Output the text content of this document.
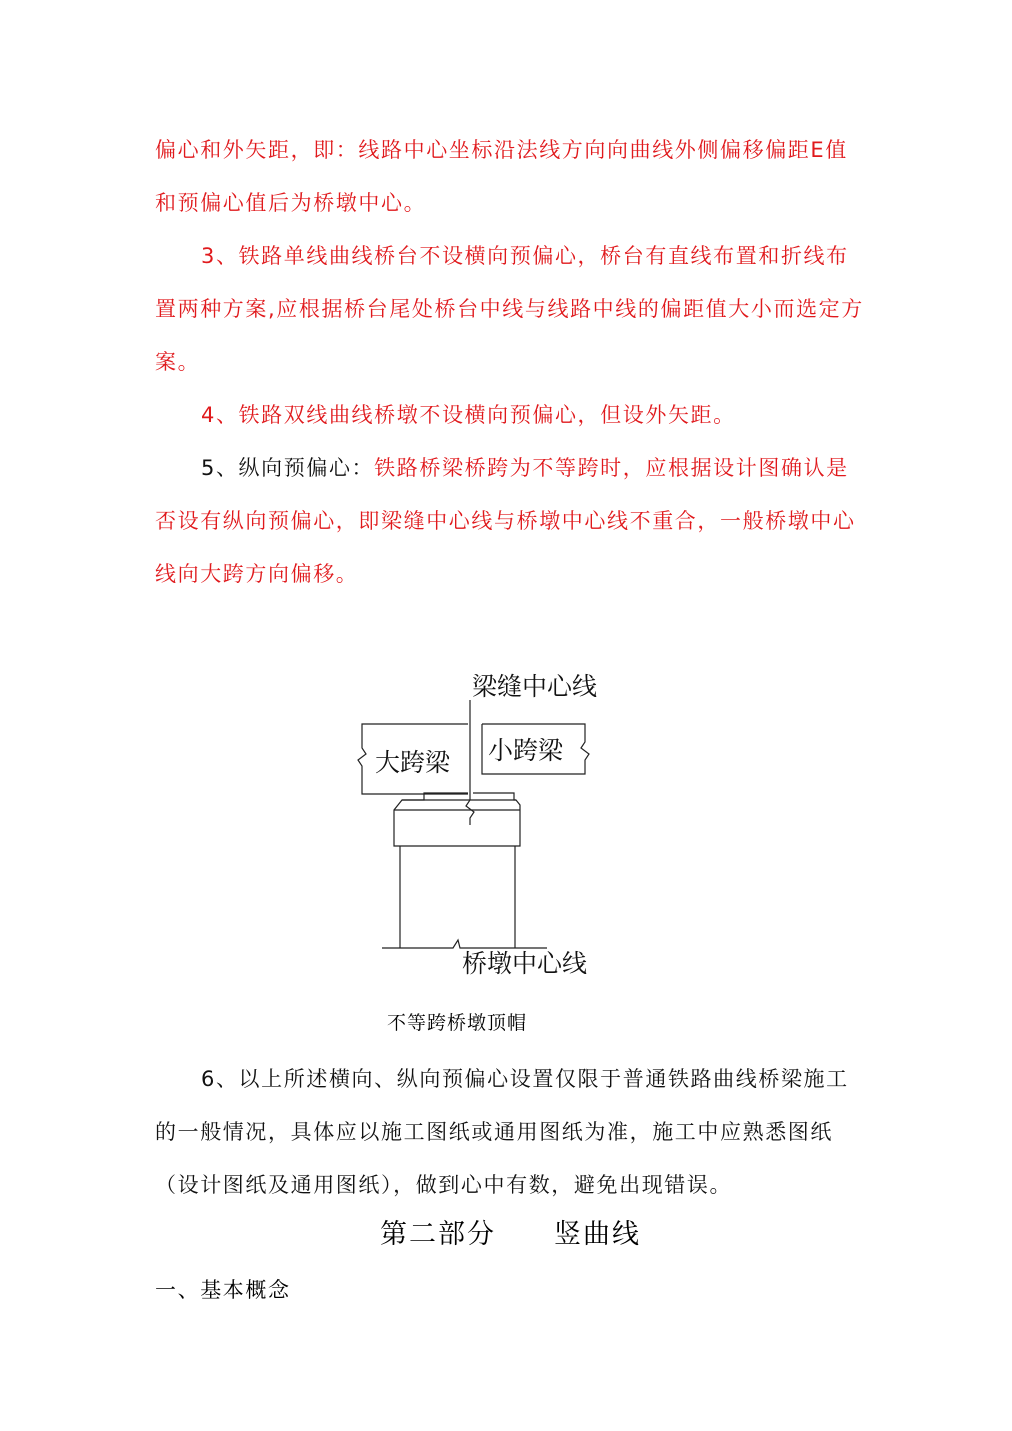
偏心和外矢距，即：线路中心坐标沿法线方向向曲线外侧偏移偏距E值和预偏心值后为桥墩中心。

3、铁路单线曲线桥台不设横向预偏心，桥台有直线布置和折线布置两种方案,应根据桥台尾处桥台中线与线路中线的偏距值大小而选定方案。

4、铁路双线曲线桥墩不设横向预偏心，但设外矢距。

5、纵向预偏心：铁路桥梁桥跨为不等跨时，应根据设计图确认是否设有纵向预偏心，即梁缝中心线与桥墩中心线不重合，一般桥墩中心线向大跨方向偏移。

梁缝中心线
大跨梁 小跨梁
桥墩中心线
不等跨桥墩顶帽

6、以上所述横向、纵向预偏心设置仅限于普通铁路曲线桥梁施工的一般情况，具体应以施工图纸或通用图纸为准，施工中应熟悉图纸（设计图纸及通用图纸），做到心中有数，避免出现错误。

第二部分　　竖曲线
一、基本概念
